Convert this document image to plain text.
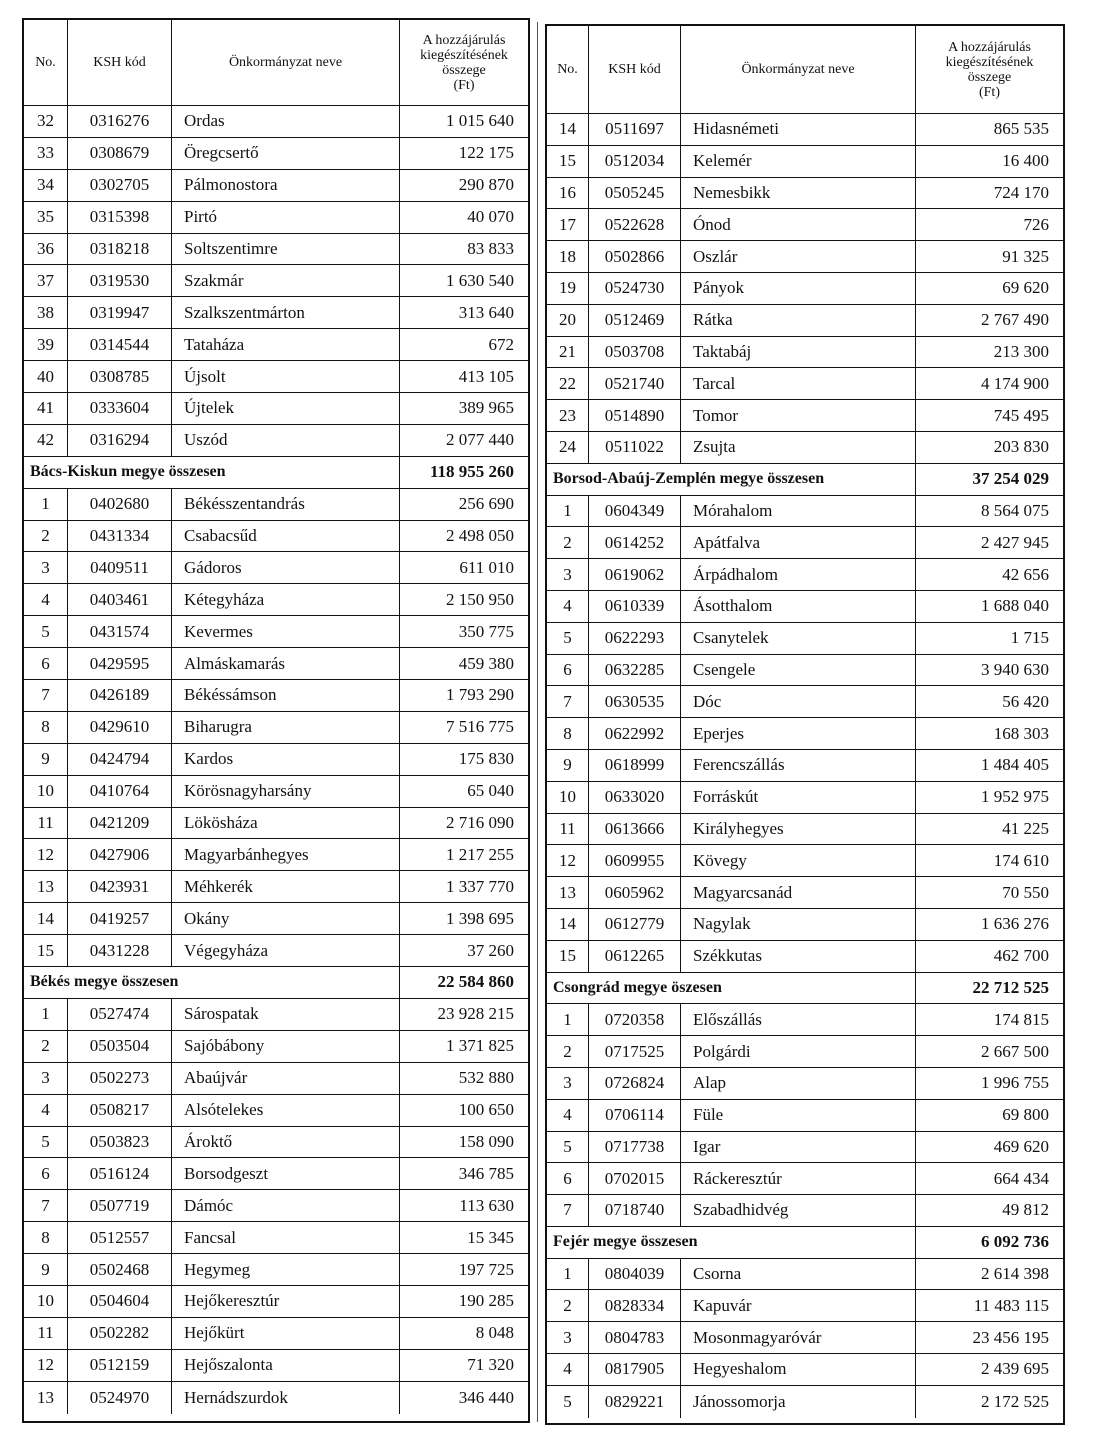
No.	KSH kód	Önkormányzat neve
A hozzájárulás
kiegészítésének
összege
(Ft)
32	0316276	Ordas	1 015 640
33	0308679	Öregcsertő	122 175
34	0302705	Pálmonostora	290 870
35	0315398	Pirtó	40 070
36	0318218	Soltszentimre	83 833
37	0319530	Szakmár	1 630 540
38	0319947	Szalkszentmárton	313 640
39	0314544	Tataháza	672
40	0308785	Újsolt	413 105
41	0333604	Újtelek	389 965
42	0316294	Uszód	2 077 440
Bács-Kiskun megye összesen	118 955 260
1	0402680	Békésszentandrás	256 690
2	0431334	Csabacsűd	2 498 050
3	0409511	Gádoros	611 010
4	0403461	Kétegyháza	2 150 950
5	0431574	Kevermes	350 775
6	0429595	Almáskamarás	459 380
7	0426189	Békéssámson	1 793 290
8	0429610	Biharugra	7 516 775
9	0424794	Kardos	175 830
10	0410764	Körösnagyharsány	65 040
11	0421209	Lökösháza	2 716 090
12	0427906	Magyarbánhegyes	1 217 255
13	0423931	Méhkerék	1 337 770
14	0419257	Okány	1 398 695
15	0431228	Végegyháza	37 260
Békés megye összesen	22 584 860
1	0527474	Sárospatak	23 928 215
2	0503504	Sajóbábony	1 371 825
3	0502273	Abaújvár	532 880
4	0508217	Alsótelekes	100 650
5	0503823	Ároktő	158 090
6	0516124	Borsodgeszt	346 785
7	0507719	Dámóc	113 630
8	0512557	Fancsal	15 345
9	0502468	Hegymeg	197 725
10	0504604	Hejőkeresztúr	190 285
11	0502282	Hejőkürt	8 048
12	0512159	Hejőszalonta	71 320
13	0524970	Hernádszurdok	346 440
No.	KSH kód	Önkormányzat neve
A hozzájárulás
kiegészítésének
összege
(Ft)
14	0511697	Hidasnémeti	865 535
15	0512034	Kelemér	16 400
16	0505245	Nemesbikk	724 170
17	0522628	Ónod	726
18	0502866	Oszlár	91 325
19	0524730	Pányok	69 620
20	0512469	Rátka	2 767 490
21	0503708	Taktabáj	213 300
22	0521740	Tarcal	4 174 900
23	0514890	Tomor	745 495
24	0511022	Zsujta	203 830
Borsod-Abaúj-Zemplén megye összesen	37 254 029
1	0604349	Mórahalom	8 564 075
2	0614252	Apátfalva	2 427 945
3	0619062	Árpádhalom	42 656
4	0610339	Ásotthalom	1 688 040
5	0622293	Csanytelek	1 715
6	0632285	Csengele	3 940 630
7	0630535	Dóc	56 420
8	0622992	Eperjes	168 303
9	0618999	Ferencszállás	1 484 405
10	0633020	Forráskút	1 952 975
11	0613666	Királyhegyes	41 225
12	0609955	Kövegy	174 610
13	0605962	Magyarcsanád	70 550
14	0612779	Nagylak	1 636 276
15	0612265	Székkutas	462 700
Csongrád megye öszesen	22 712 525
1	0720358	Előszállás	174 815
2	0717525	Polgárdi	2 667 500
3	0726824	Alap	1 996 755
4	0706114	Füle	69 800
5	0717738	Igar	469 620
6	0702015	Ráckeresztúr	664 434
7	0718740	Szabadhidvég	49 812
Fejér megye összesen	6 092 736
1	0804039	Csorna	2 614 398
2	0828334	Kapuvár	11 483 115
3	0804783	Mosonmagyaróvár	23 456 195
4	0817905	Hegyeshalom	2 439 695
5	0829221	Jánossomorja	2 172 525
